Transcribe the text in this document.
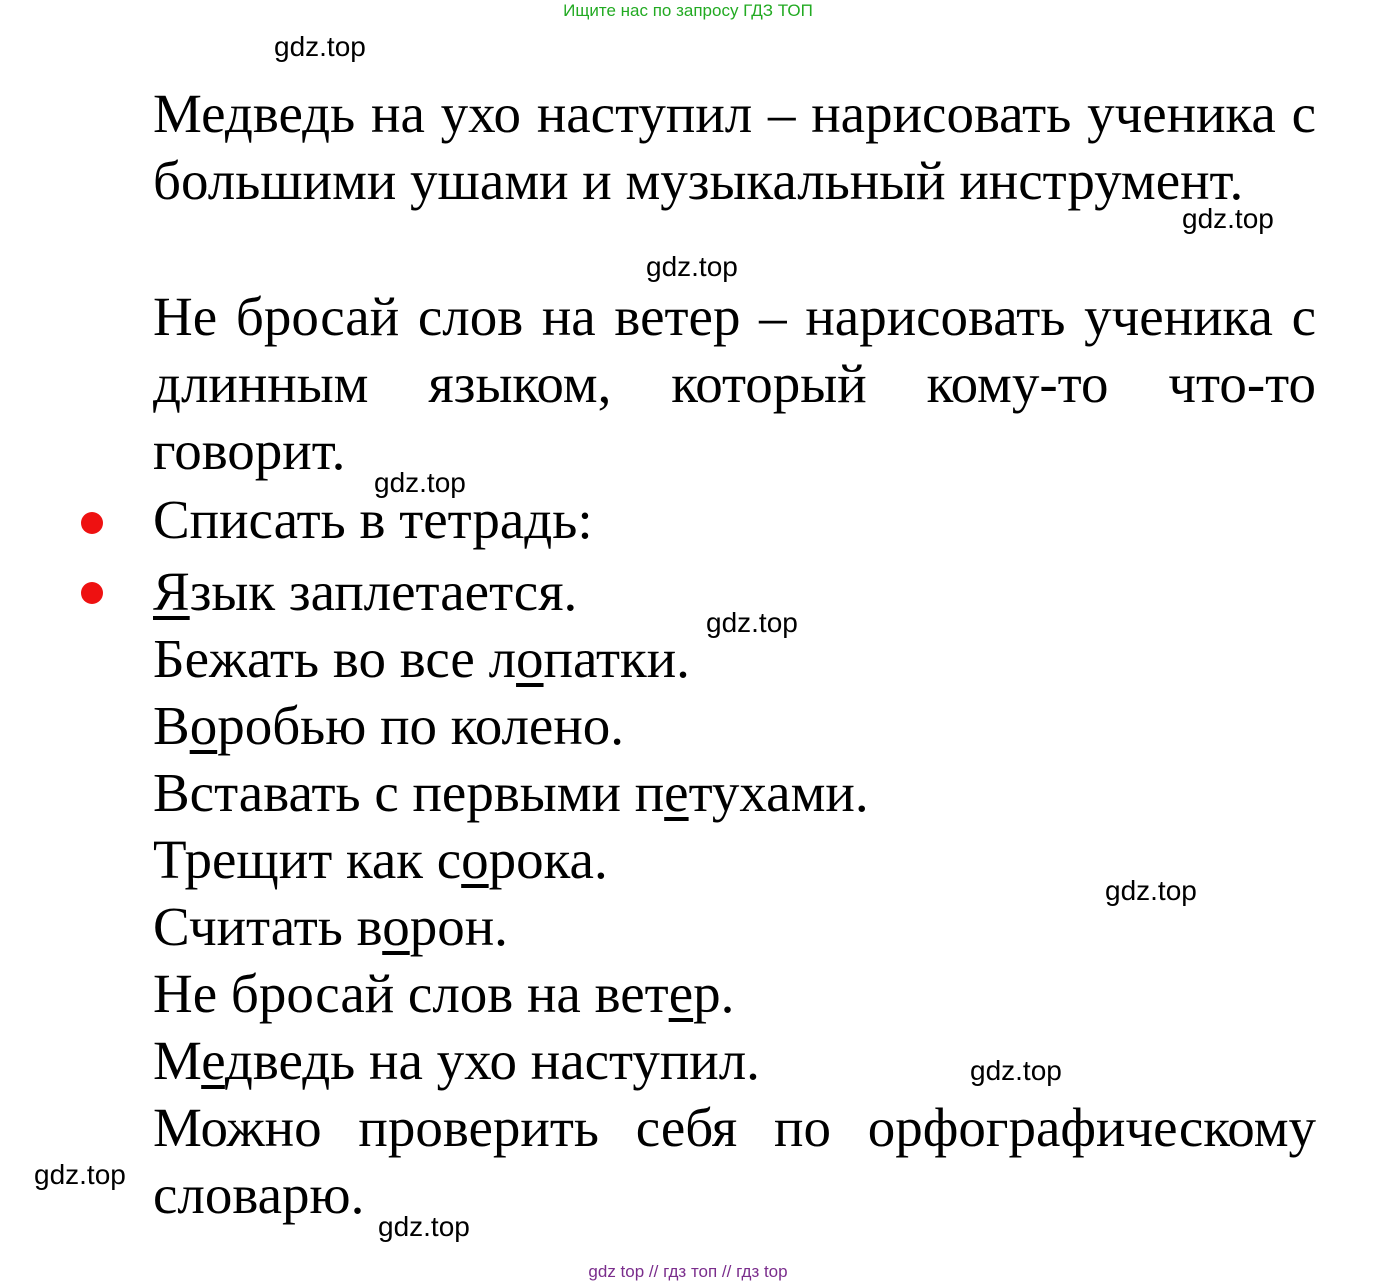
Ищите нас по запросу ГДЗ ТОП
gdz.top
gdz.top
gdz.top
gdz.top
gdz.top
gdz.top
gdz.top
gdz.top
gdz.top
Медведь на ухо наступил – нарисовать ученика с большими ушами и музыкальный инструмент.
Не бросай слов на ветер – нарисовать ученика с длинным языком, который кому-то что-то говорит.
Списать в тетрадь:
Язык заплетается.
Бежать во все лопатки.
Воробью по колено.
Вставать с первыми петухами.
Трещит как сорока.
Считать ворон.
Не бросай слов на ветер.
Медведь на ухо наступил.
Можно проверить себя по орфографическому словарю.
gdz top // гдз топ // гдз top
